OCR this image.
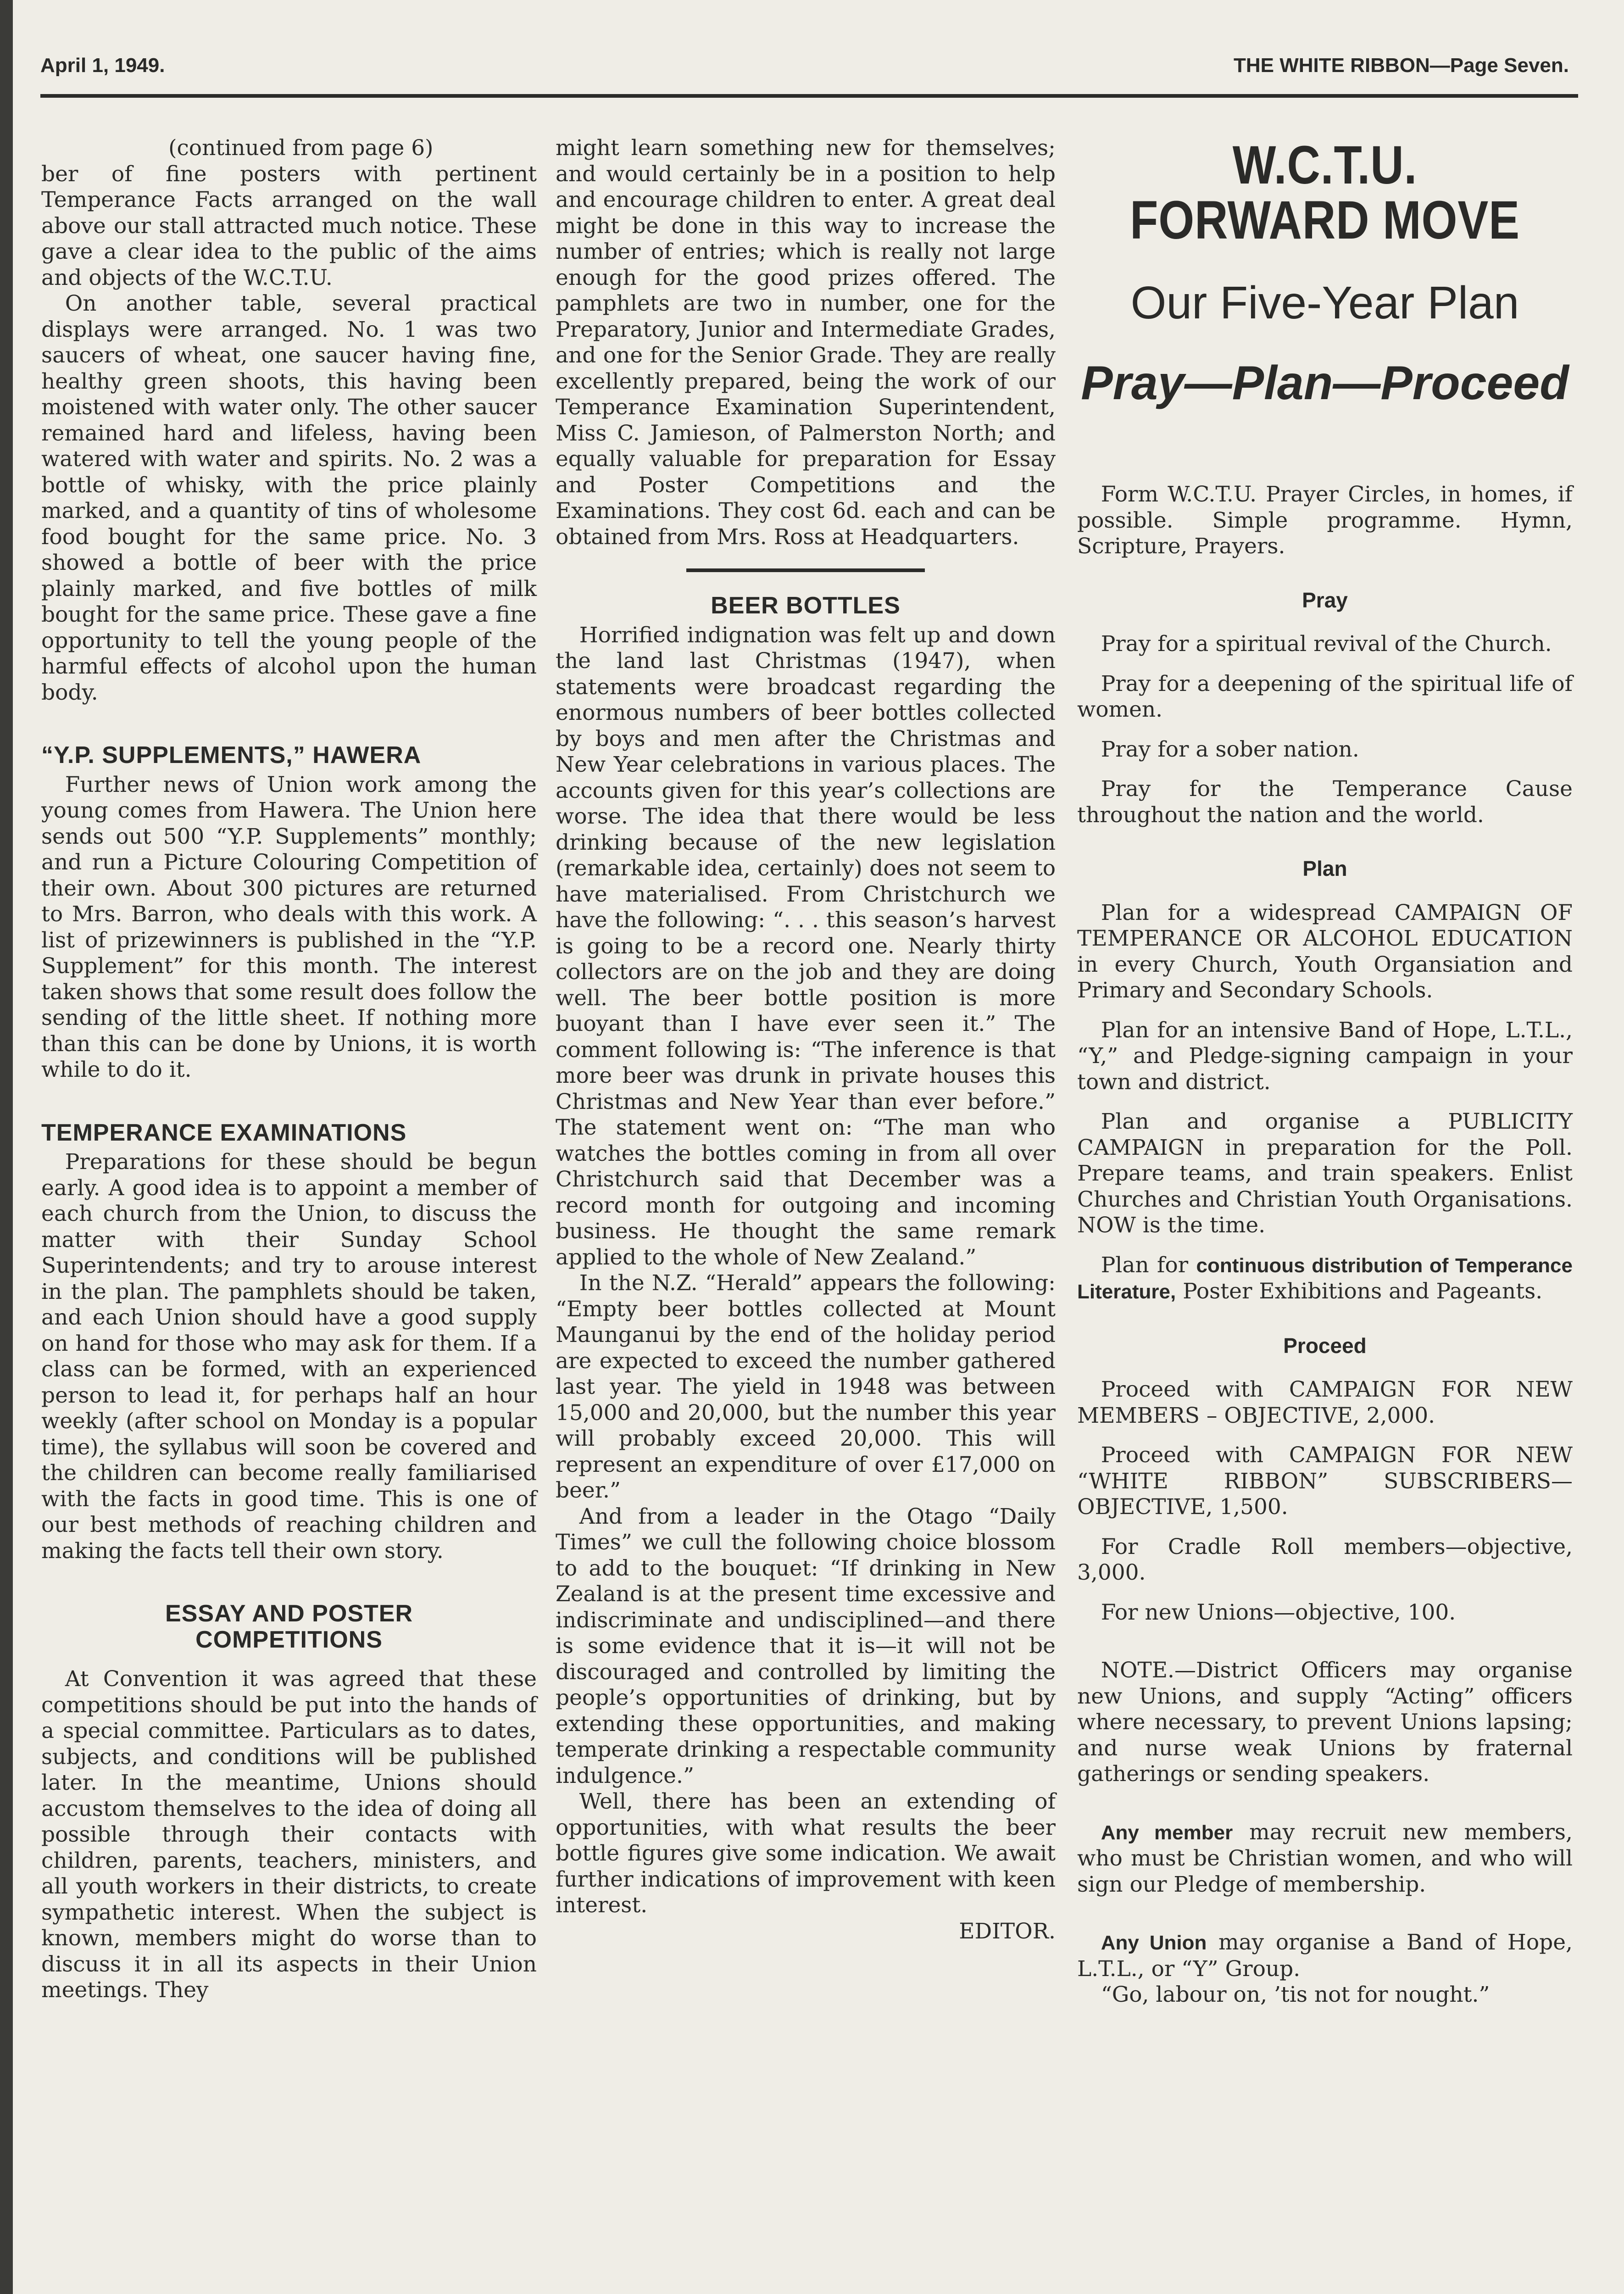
April 1, 1949.	THE WHITE RIBBON—Page Seven.

(continued from page 6)

ber of fine posters with pertinent Temperance Facts arranged on the wall above our stall attracted much notice. These gave a clear idea to the public of the aims and objects of the W.C.T.U.

On another table, several practical displays were arranged. No. 1 was two saucers of wheat, one saucer having fine, healthy green shoots, this having been moistened with water only. The other saucer remained hard and lifeless, having been watered with water and spirits. No. 2 was a bottle of whisky, with the price plainly marked, and a quantity of tins of wholesome food bought for the same price. No. 3 showed a bottle of beer with the price plainly marked, and five bottles of milk bought for the same price. These gave a fine opportunity to tell the young people of the harmful effects of alcohol upon the human body.

“Y.P. SUPPLEMENTS,” HAWERA

Further news of Union work among the young comes from Hawera. The Union here sends out 500 “Y.P. Supplements” monthly; and run a Picture Colouring Competition of their own. About 300 pictures are returned to Mrs. Barron, who deals with this work. A list of prizewinners is published in the “Y.P. Supplement” for this month. The interest taken shows that some result does follow the sending of the little sheet. If nothing more than this can be done by Unions, it is worth while to do it.

TEMPERANCE EXAMINATIONS

Preparations for these should be begun early. A good idea is to appoint a member of each church from the Union, to discuss the matter with their Sunday School Superintendents; and try to arouse interest in the plan. The pamphlets should be taken, and each Union should have a good supply on hand for those who may ask for them. If a class can be formed, with an experienced person to lead it, for perhaps half an hour weekly (after school on Monday is a popular time), the syllabus will soon be covered and the children can become really familiarised with the facts in good time. This is one of our best methods of reaching children and making the facts tell their own story.

ESSAY AND POSTER COMPETITIONS

At Convention it was agreed that these competitions should be put into the hands of a special committee. Particulars as to dates, subjects, and conditions will be published later. In the meantime, Unions should accustom themselves to the idea of doing all possible through their contacts with children, parents, teachers, ministers, and all youth workers in their districts, to create sympathetic interest. When the subject is known, members might do worse than to discuss it in all its aspects in their Union meetings. They

might learn something new for themselves; and would certainly be in a position to help and encourage children to enter. A great deal might be done in this way to increase the number of entries; which is really not large enough for the good prizes offered. The pamphlets are two in number, one for the Preparatory, Junior and Intermediate Grades, and one for the Senior Grade. They are really excellently prepared, being the work of our Temperance Examination Superintendent, Miss C. Jamieson, of Palmerston North; and equally valuable for preparation for Essay and Poster Competitions and the Examinations. They cost 6d. each and can be obtained from Mrs. Ross at Headquarters.

BEER BOTTLES

Horrified indignation was felt up and down the land last Christmas (1947), when statements were broadcast regarding the enormous numbers of beer bottles collected by boys and men after the Christmas and New Year celebrations in various places. The accounts given for this year’s collections are worse. The idea that there would be less drinking because of the new legislation (remarkable idea, certainly) does not seem to have materialised. From Christchurch we have the following: “. . . this season’s harvest is going to be a record one. Nearly thirty collectors are on the job and they are doing well. The beer bottle position is more buoyant than I have ever seen it.” The comment following is: “The inference is that more beer was drunk in private houses this Christmas and New Year than ever before.” The statement went on: “The man who watches the bottles coming in from all over Christchurch said that December was a record month for outgoing and incoming business. He thought the same remark applied to the whole of New Zealand.”

In the N.Z. “Herald” appears the following: “Empty beer bottles collected at Mount Maunganui by the end of the holiday period are expected to exceed the number gathered last year. The yield in 1948 was between 15,000 and 20,000, but the number this year will probably exceed 20,000. This will represent an expenditure of over £17,000 on beer.”

And from a leader in the Otago “Daily Times” we cull the following choice blossom to add to the bouquet: “If drinking in New Zealand is at the present time excessive and indiscriminate and undisciplined—and there is some evidence that it is—it will not be discouraged and controlled by limiting the people’s opportunities of drinking, but by extending these opportunities, and making temperate drinking a respectable community indulgence.”

Well, there has been an extending of opportunities, with what results the beer bottle figures give some indication. We await further indications of improvement with keen interest.

EDITOR.

W.C.T.U. FORWARD MOVE
Our Five-Year Plan
Pray—Plan—Proceed

Form W.C.T.U. Prayer Circles, in homes, if possible. Simple programme. Hymn, Scripture, Prayers.

Pray

Pray for a spiritual revival of the Church.

Pray for a deepening of the spiritual life of women.

Pray for a sober nation.

Pray for the Temperance Cause throughout the nation and the world.

Plan

Plan for a widespread CAMPAIGN OF TEMPERANCE OR ALCOHOL EDUCATION in every Church, Youth Organsiation and Primary and Secondary Schools.

Plan for an intensive Band of Hope, L.T.L., “Y,” and Pledge-signing campaign in your town and district.

Plan and organise a PUBLICITY CAMPAIGN in preparation for the Poll. Prepare teams, and train speakers. Enlist Churches and Christian Youth Organisations. NOW is the time.

Plan for continuous distribution of Temperance Literature, Poster Exhibitions and Pageants.

Proceed

Proceed with CAMPAIGN FOR NEW MEMBERS – OBJECTIVE, 2,000.

Proceed with CAMPAIGN FOR NEW “WHITE RIBBON” SUBSCRIBERS—OBJECTIVE, 1,500.

For Cradle Roll members—objective, 3,000.

For new Unions—objective, 100.

NOTE.—District Officers may organise new Unions, and supply “Acting” officers where necessary, to prevent Unions lapsing; and nurse weak Unions by fraternal gatherings or sending speakers.

Any member may recruit new members, who must be Christian women, and who will sign our Pledge of membership.

Any Union may organise a Band of Hope, L.T.L., or “Y” Group.

“Go, labour on, ’tis not for nought.”
